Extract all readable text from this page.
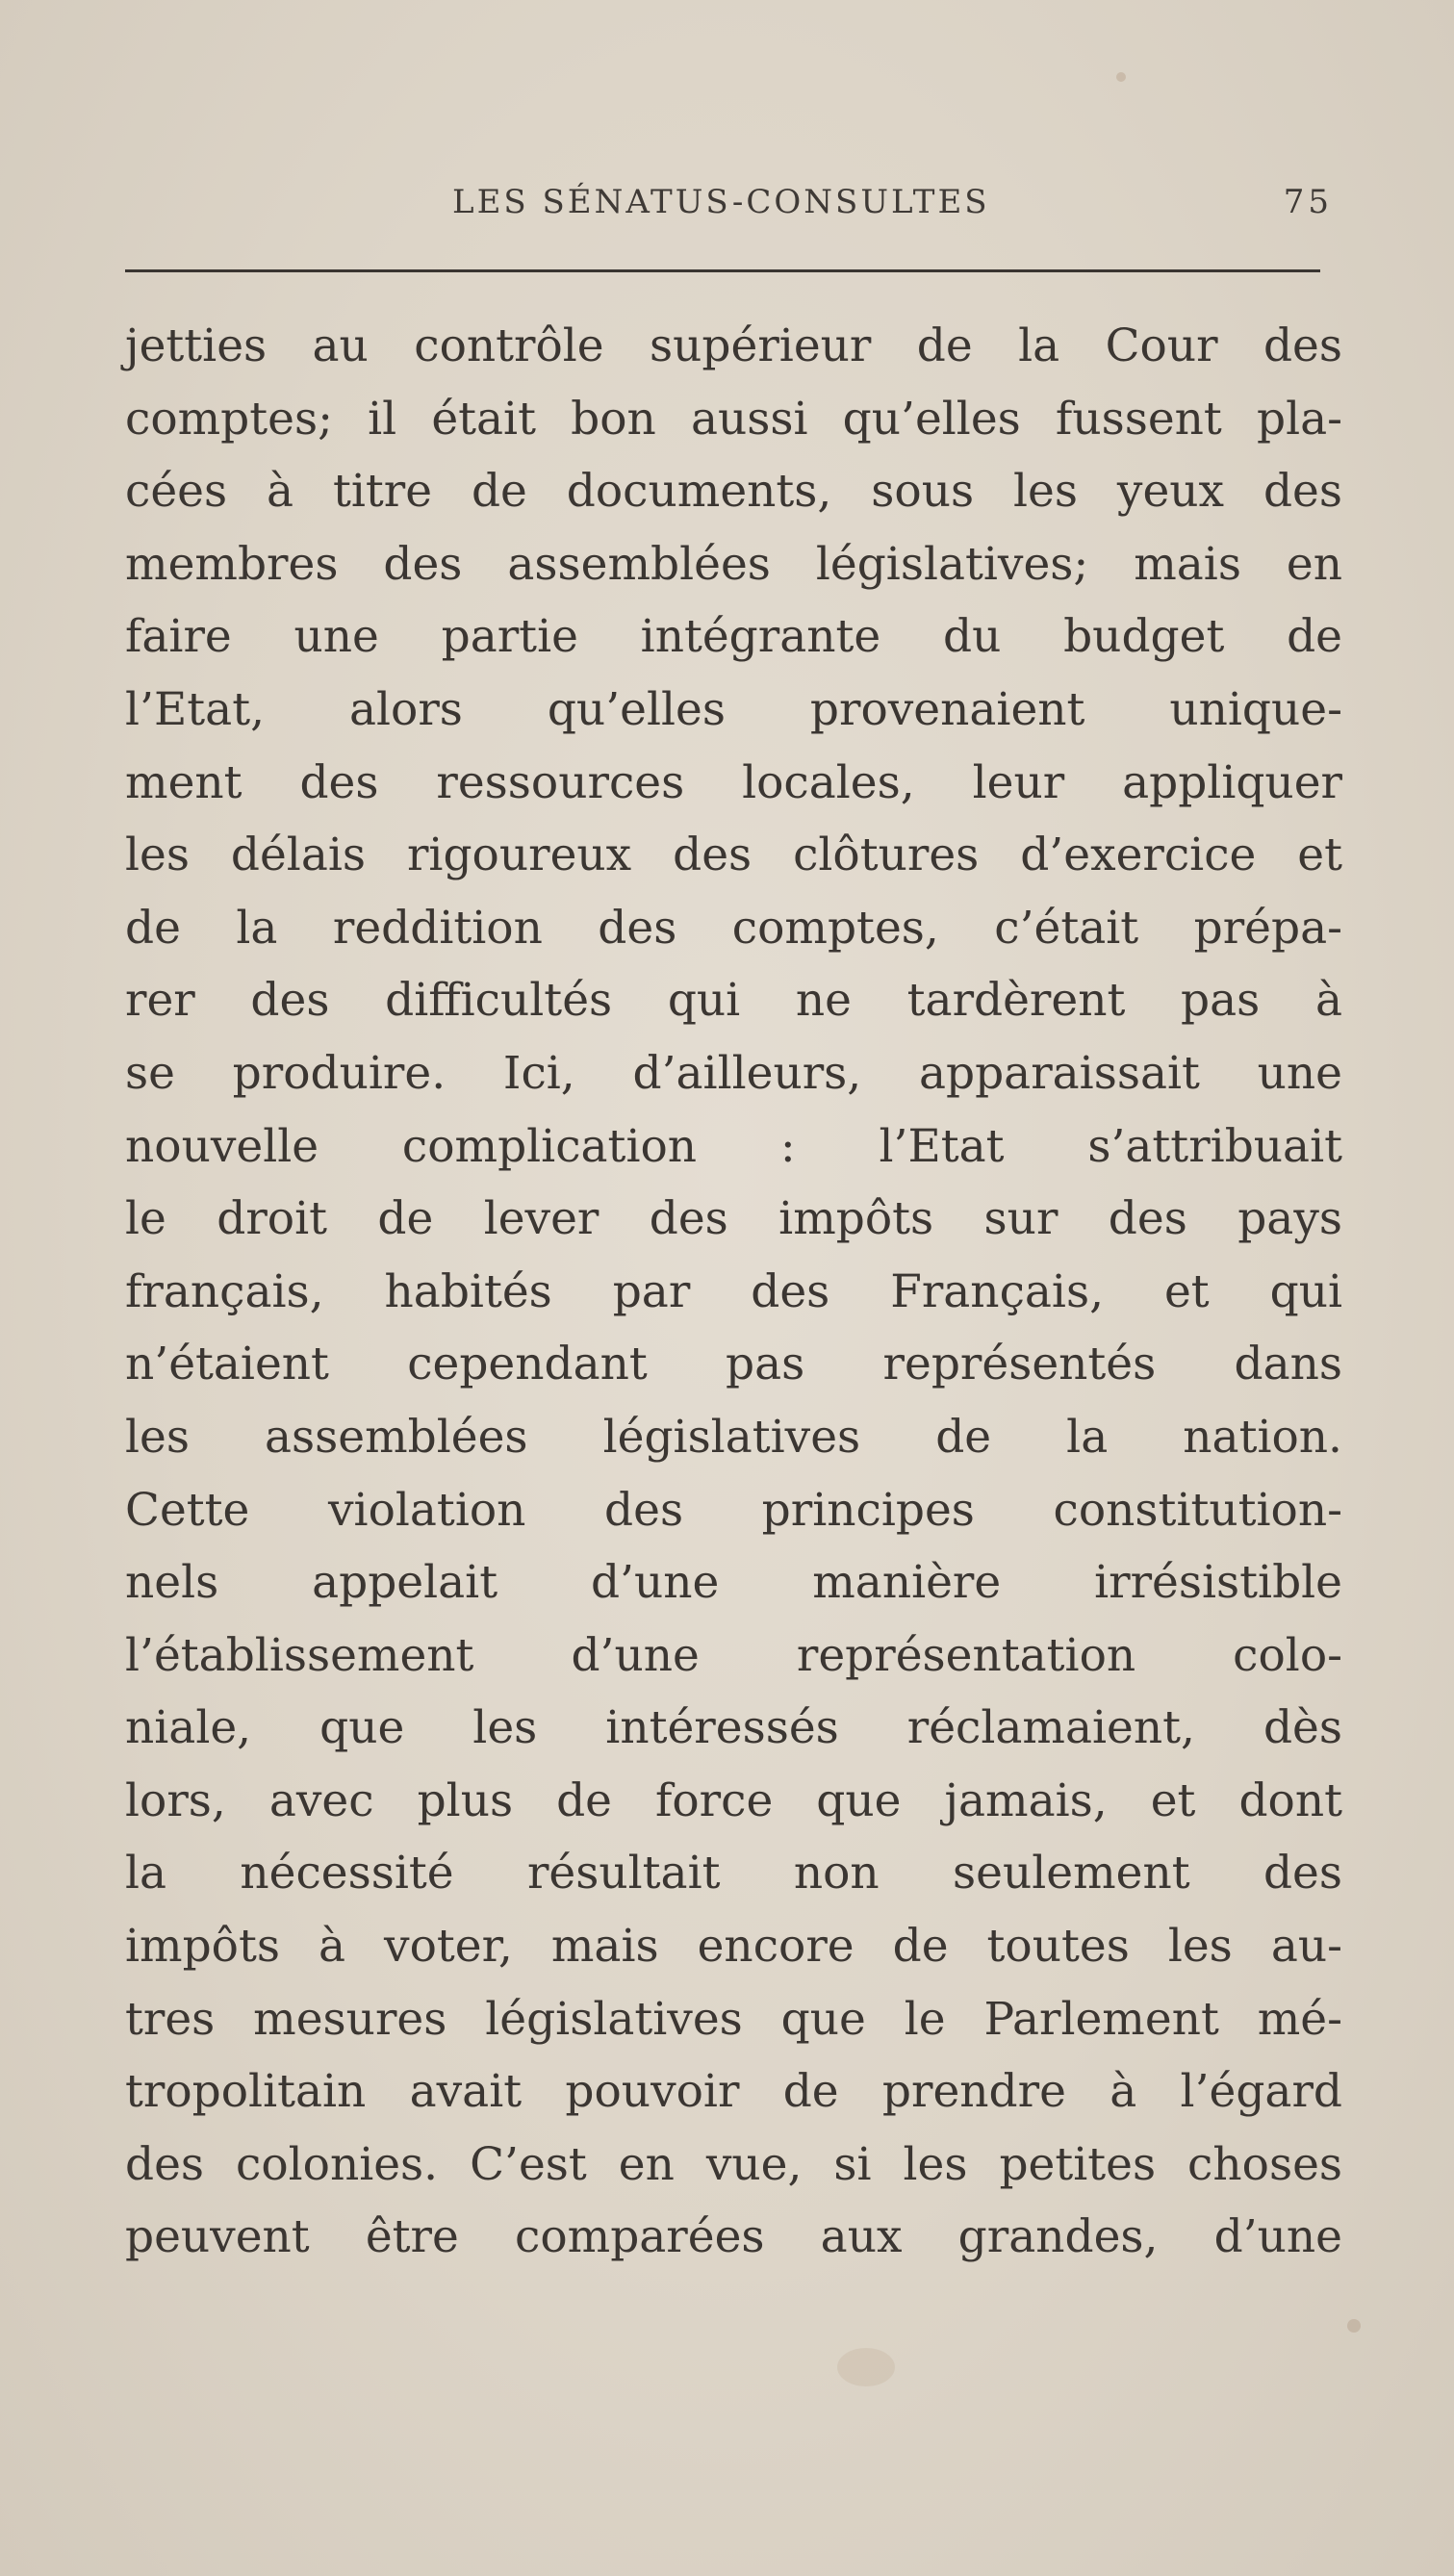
LES SÉNATUS-CONSULTES	75
jetties au contrôle supérieur de la Cour des
comptes; il était bon aussi qu’elles fussent pla-
cées à titre de documents, sous les yeux des
membres des assemblées législatives; mais en
faire une partie intégrante du budget de
l’Etat, alors qu’elles provenaient unique-
ment des ressources locales, leur appliquer
les délais rigoureux des clôtures d’exercice et
de la reddition des comptes, c’était prépa-
rer des difficultés qui ne tardèrent pas à
se produire. Ici, d’ailleurs, apparaissait une
nouvelle complication : l’Etat s’attribuait
le droit de lever des impôts sur des pays
français, habités par des Français, et qui
n’étaient cependant pas représentés dans
les assemblées législatives de la nation.
Cette violation des principes constitution-
nels appelait d’une manière irrésistible
l’établissement d’une représentation colo-
niale, que les intéressés réclamaient, dès
lors, avec plus de force que jamais, et dont
la nécessité résultait non seulement des
impôts à voter, mais encore de toutes les au-
tres mesures législatives que le Parlement mé-
tropolitain avait pouvoir de prendre à l’égard
des colonies. C’est en vue, si les petites choses
peuvent être comparées aux grandes, d’une
